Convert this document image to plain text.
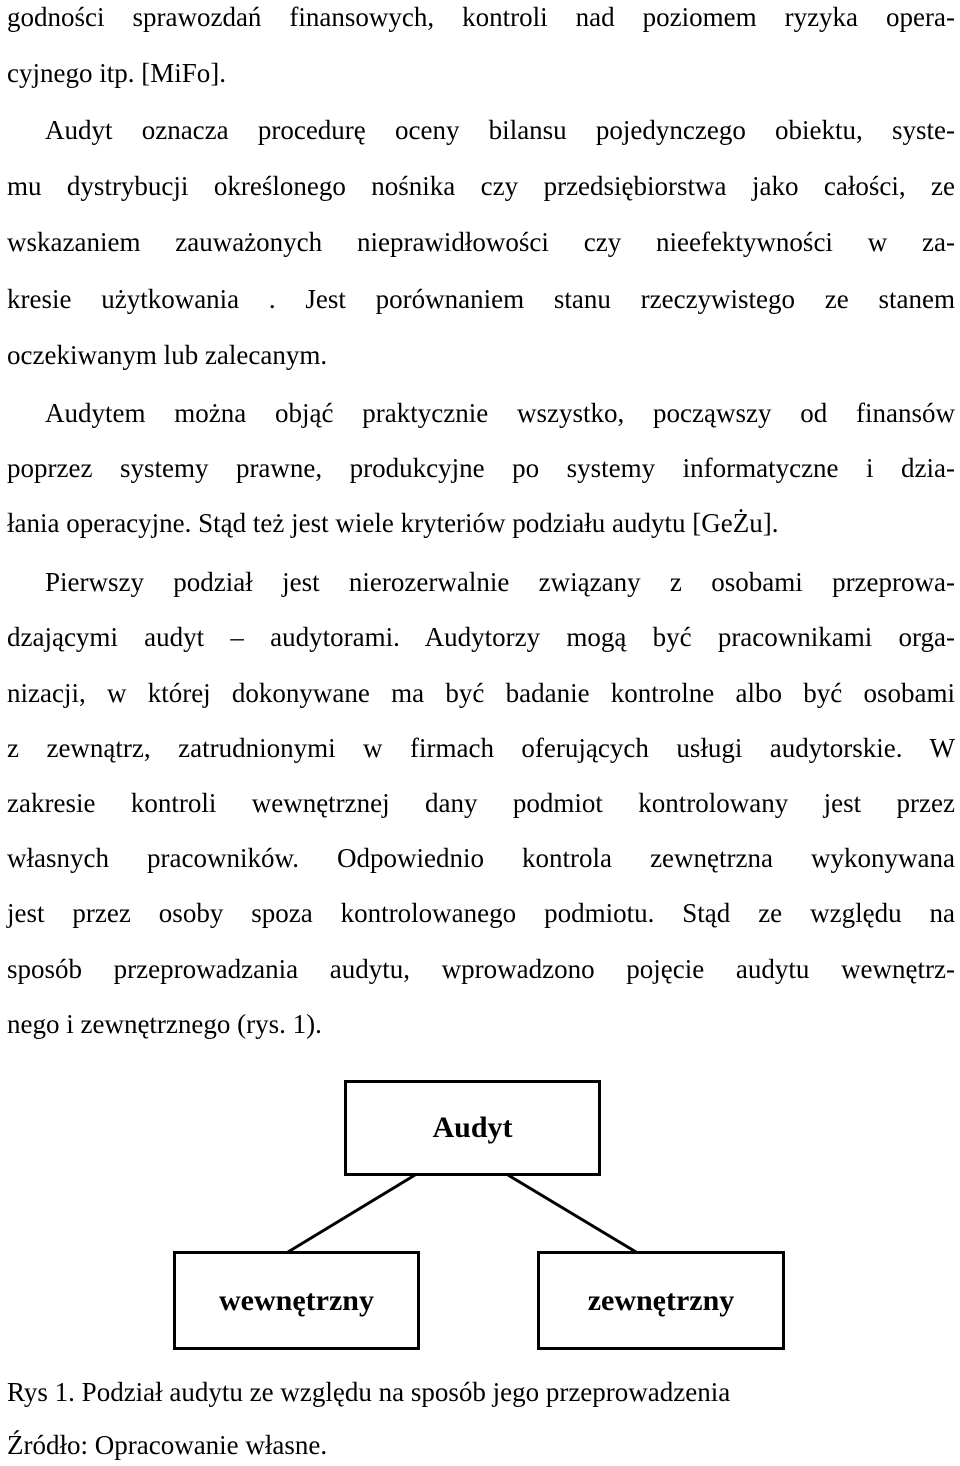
godności sprawozdań finansowych, kontroli nad poziomem ryzyka opera-
cyjnego itp. [MiFo].
Audyt oznacza procedurę oceny bilansu pojedynczego obiektu, syste-
mu dystrybucji określonego nośnika czy przedsiębiorstwa jako całości, ze
wskazaniem zauważonych nieprawidłowości czy nieefektywności w za-
kresie użytkowania . Jest porównaniem stanu rzeczywistego ze stanem
oczekiwanym lub zalecanym.
Audytem można objąć praktycznie wszystko, począwszy od finansów
poprzez systemy prawne, produkcyjne po systemy informatyczne i dzia-
łania operacyjne. Stąd też jest wiele kryteriów podziału audytu [GeŻu].
Pierwszy podział jest nierozerwalnie związany z osobami przeprowa-
dzającymi audyt – audytorami. Audytorzy mogą być pracownikami orga-
nizacji, w której dokonywane ma być badanie kontrolne albo być osobami
z zewnątrz, zatrudnionymi w firmach oferujących usługi audytorskie. W
zakresie kontroli wewnętrznej dany podmiot kontrolowany jest przez
własnych pracowników. Odpowiednio kontrola zewnętrzna wykonywana
jest przez osoby spoza kontrolowanego podmiotu. Stąd ze względu na
sposób przeprowadzania audytu, wprowadzono pojęcie audytu wewnętrz-
nego i zewnętrznego (rys. 1).
Audyt
wewnętrzny	zewnętrzny
Rys 1. Podział audytu ze względu na sposób jego przeprowadzenia
Źródło: Opracowanie własne.
